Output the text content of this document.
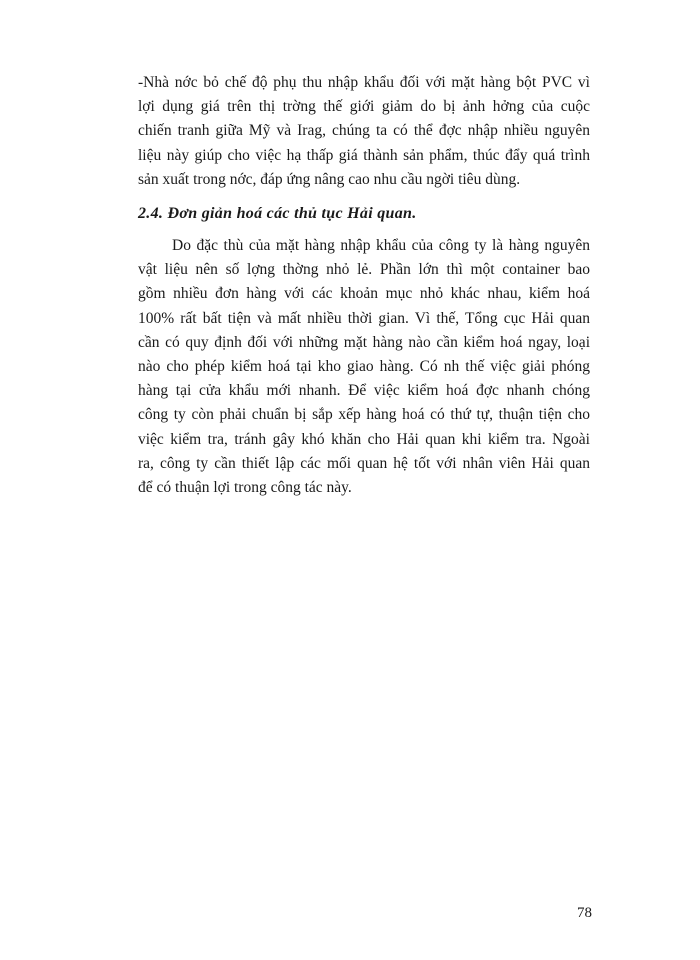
-Nhà nớc bỏ chế độ phụ thu nhập khẩu đối với mặt hàng bột PVC vì
lợi dụng giá trên thị trờng thế giới giảm do bị ảnh hởng của cuộc
chiến tranh giữa Mỹ và Irag, chúng ta có thể đợc nhập nhiều nguyên
liệu này giúp cho việc hạ thấp giá thành sản phẩm, thúc đẩy quá trình
sản xuất trong nớc, đáp ứng nâng cao nhu cầu ngời tiêu dùng.

2.4. Đơn giản hoá các thủ tục Hải quan.

Do đặc thù của mặt hàng nhập khẩu của công ty là hàng nguyên
vật liệu nên số lợng thờng nhỏ lẻ. Phần lớn thì một container bao
gồm nhiều đơn hàng với các khoản mục nhỏ khác nhau, kiểm hoá
100% rất bất tiện và mất nhiều thời gian. Vì thế, Tổng cục Hải quan
cần có quy định đối với những mặt hàng nào cần kiểm hoá ngay, loại
nào cho phép kiểm hoá tại kho giao hàng. Có nh thế việc giải phóng
hàng tại cửa khẩu mới nhanh. Để việc kiểm hoá đợc nhanh chóng
công ty còn phải chuẩn bị sắp xếp hàng hoá có thứ tự, thuận tiện cho
việc kiểm tra, tránh gây khó khăn cho Hải quan khi kiểm tra. Ngoài
ra, công ty cần thiết lập các mối quan hệ tốt với nhân viên Hải quan
để có thuận lợi trong công tác này.

78
